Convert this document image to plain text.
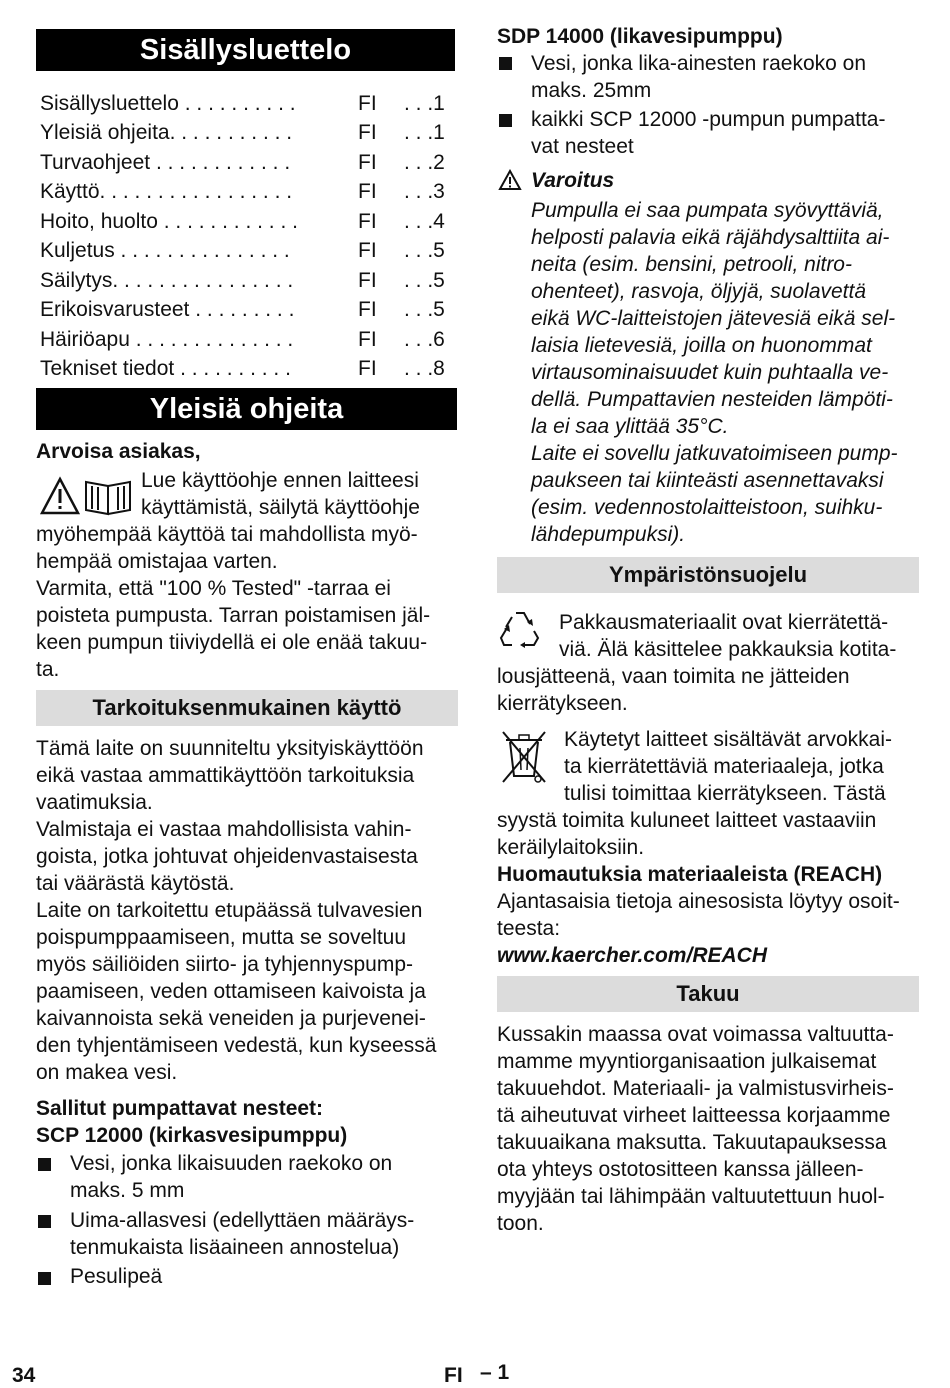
Sisällysluettelo
Sisällysluettelo . . . . . . . . . .	FI . . .1
Yleisiä ohjeita. . . . . . . . . . .	FI . . .1
Turvaohjeet . . . . . . . . . . . .	FI . . .2
Käyttö. . . . . . . . . . . . . . . . .	FI . . .3
Hoito, huolto . . . . . . . . . . . .	FI . . .4
Kuljetus . . . . . . . . . . . . . . .	FI . . .5
Säilytys. . . . . . . . . . . . . . . .	FI . . .5
Erikoisvarusteet . . . . . . . . .	FI . . .5
Häiriöapu . . . . . . . . . . . . . .	FI . . .6
Tekniset tiedot . . . . . . . . . .	FI . . .8
Yleisiä ohjeita
Arvoisa asiakas,
Lue käyttöohje ennen laitteesi
käyttämistä, säilytä käyttöohje
myöhempää käyttöä tai mahdollista myö-
hempää omistajaa varten.
Varmita, että "100 % Tested" -tarraa ei
poisteta pumpusta. Tarran poistamisen jäl-
keen pumpun tiiviydellä ei ole enää takuu-
ta.
Tarkoituksenmukainen käyttö
Tämä laite on suunniteltu yksityiskäyttöön
eikä vastaa ammattikäyttöön tarkoituksia
vaatimuksia.
Valmistaja ei vastaa mahdollisista vahin-
goista, jotka johtuvat ohjeidenvastaisesta
tai väärästä käytöstä.
Laite on tarkoitettu etupäässä tulvavesien
poispumppaamiseen, mutta se soveltuu
myös säiliöiden siirto- ja tyhjennyspump-
paamiseen, veden ottamiseen kaivoista ja
kaivannoista sekä veneiden ja purjevenei-
den tyhjentämiseen vedestä, kun kyseessä
on makea vesi.
Sallitut pumpattavat nesteet:
SCP 12000 (kirkasvesipumppu)
Vesi, jonka likaisuuden raekoko on
maks. 5 mm
Uima-allasvesi (edellyttäen määräys-
tenmukaista lisäaineen annostelua)
Pesulipeä
SDP 14000 (likavesipumppu)
Vesi, jonka lika-ainesten raekoko on
maks. 25mm
kaikki SCP 12000 -pumpun pumpatta-
vat nesteet
Varoitus
Pumpulla ei saa pumpata syövyttäviä,
helposti palavia eikä räjähdysalttiita ai-
neita (esim. bensini, petrooli, nitro-
ohenteet), rasvoja, öljyjä, suolavettä
eikä WC-laitteistojen jätevesiä eikä sel-
laisia lietevesiä, joilla on huonommat
virtausominaisuudet kuin puhtaalla ve-
dellä. Pumpattavien nesteiden lämpöti-
la ei saa ylittää 35°C.
Laite ei sovellu jatkuvatoimiseen pump-
paukseen tai kiinteästi asennettavaksi
(esim. vedennostolaitteistoon, suihku-
lähdepumpuksi).
Ympäristönsuojelu
Pakkausmateriaalit ovat kierrätettä-
viä. Älä käsittelee pakkauksia kotita-
lousjätteenä, vaan toimita ne jätteiden
kierrätykseen.
Käytetyt laitteet sisältävät arvokkai-
ta kierrätettäviä materiaaleja, jotka
tulisi toimittaa kierrätykseen. Tästä
syystä toimita kuluneet laitteet vastaaviin
keräilylaitoksiin.
Huomautuksia materiaaleista (REACH)
Ajantasaisia tietoja ainesosista löytyy osoit-
teesta:
www.kaercher.com/REACH
Takuu
Kussakin maassa ovat voimassa valtuutta-
mamme myyntiorganisaation julkaisemat
takuuehdot. Materiaali- ja valmistusvirheis-
tä aiheutuvat virheet laitteessa korjaamme
takuuaikana maksutta. Takuutapauksessa
ota yhteys ostotositteen kanssa jälleen-
myyjään tai lähimpään valtuutettuun huol-
toon.
34	FI – 1
